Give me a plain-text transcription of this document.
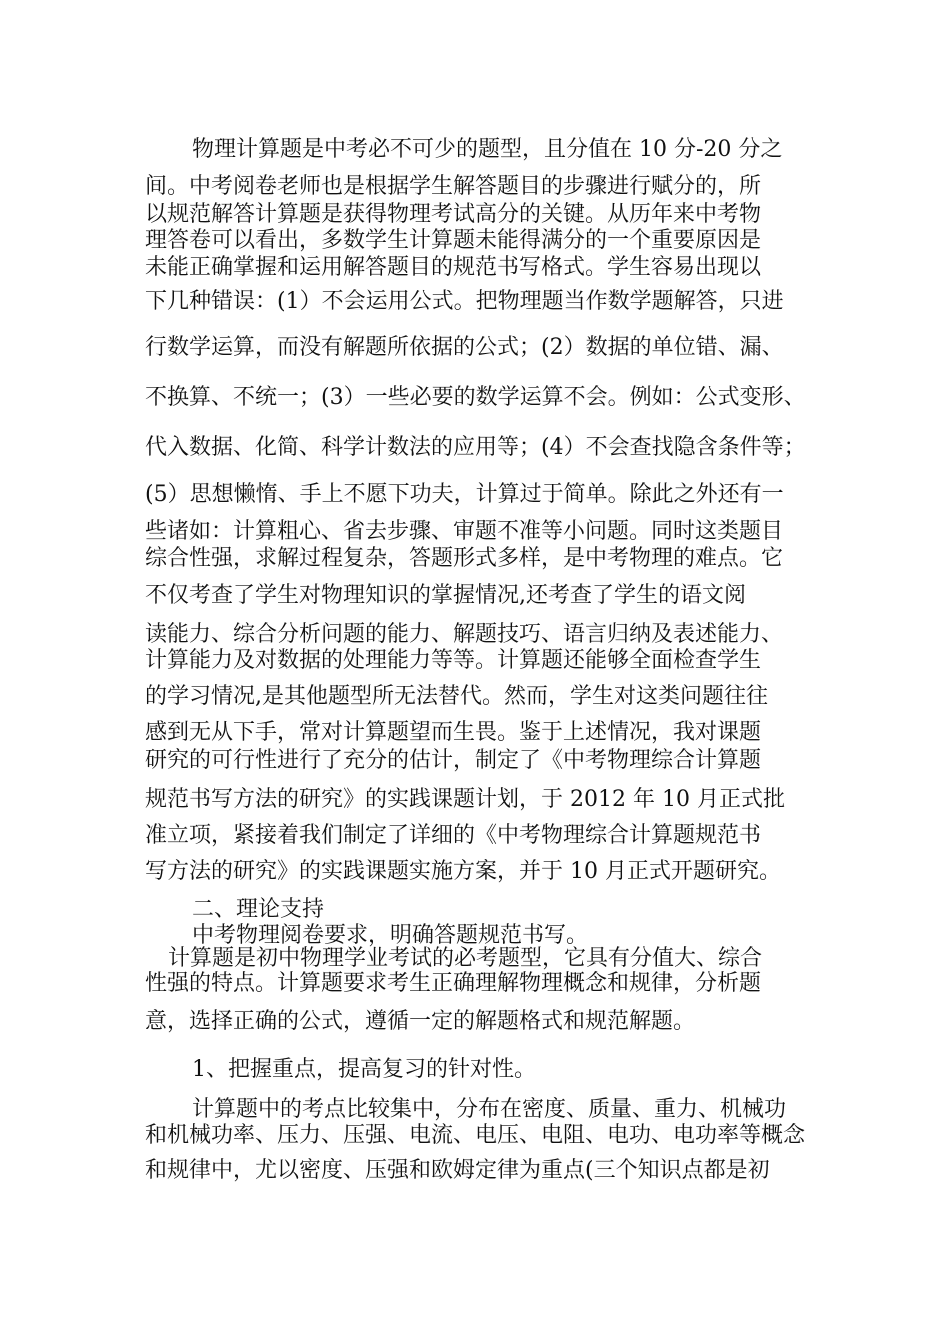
物理计算题是中考必不可少的题型，且分值在 10 分-20 分之
间。中考阅卷老师也是根据学生解答题目的步骤进行赋分的，所
以规范解答计算题是获得物理考试高分的关键。从历年来中考物
理答卷可以看出，多数学生计算题未能得满分的一个重要原因是
未能正确掌握和运用解答题目的规范书写格式。学生容易出现以
下几种错误：(1）不会运用公式。把物理题当作数学题解答，只进
行数学运算，而没有解题所依据的公式；(2）数据的单位错、漏、
不换算、不统一；(3）一些必要的数学运算不会。例如：公式变形、
代入数据、化简、科学计数法的应用等；(4）不会查找隐含条件等；
(5）思想懒惰、手上不愿下功夫，计算过于简单。除此之外还有一
些诸如：计算粗心、省去步骤、审题不准等小问题。同时这类题目
综合性强，求解过程复杂，答题形式多样，是中考物理的难点。它
不仅考查了学生对物理知识的掌握情况,还考查了学生的语文阅
读能力、综合分析问题的能力、解题技巧、语言归纳及表述能力、
计算能力及对数据的处理能力等等。计算题还能够全面检查学生
的学习情况,是其他题型所无法替代。然而，学生对这类问题往往
感到无从下手，常对计算题望而生畏。鉴于上述情况，我对课题
研究的可行性进行了充分的估计，制定了《中考物理综合计算题
规范书写方法的研究》的实践课题计划，于 2012 年 10 月正式批
准立项，紧接着我们制定了详细的《中考物理综合计算题规范书
写方法的研究》的实践课题实施方案，并于 10 月正式开题研究。
二、理论支持
中考物理阅卷要求，明确答题规范书写。
计算题是初中物理学业考试的必考题型，它具有分值大、综合
性强的特点。计算题要求考生正确理解物理概念和规律，分析题
意，选择正确的公式，遵循一定的解题格式和规范解题。
1、把握重点，提高复习的针对性。
计算题中的考点比较集中，分布在密度、质量、重力、机械功
和机械功率、压力、压强、电流、电压、电阻、电功、电功率等概念
和规律中，尤以密度、压强和欧姆定律为重点(三个知识点都是初
